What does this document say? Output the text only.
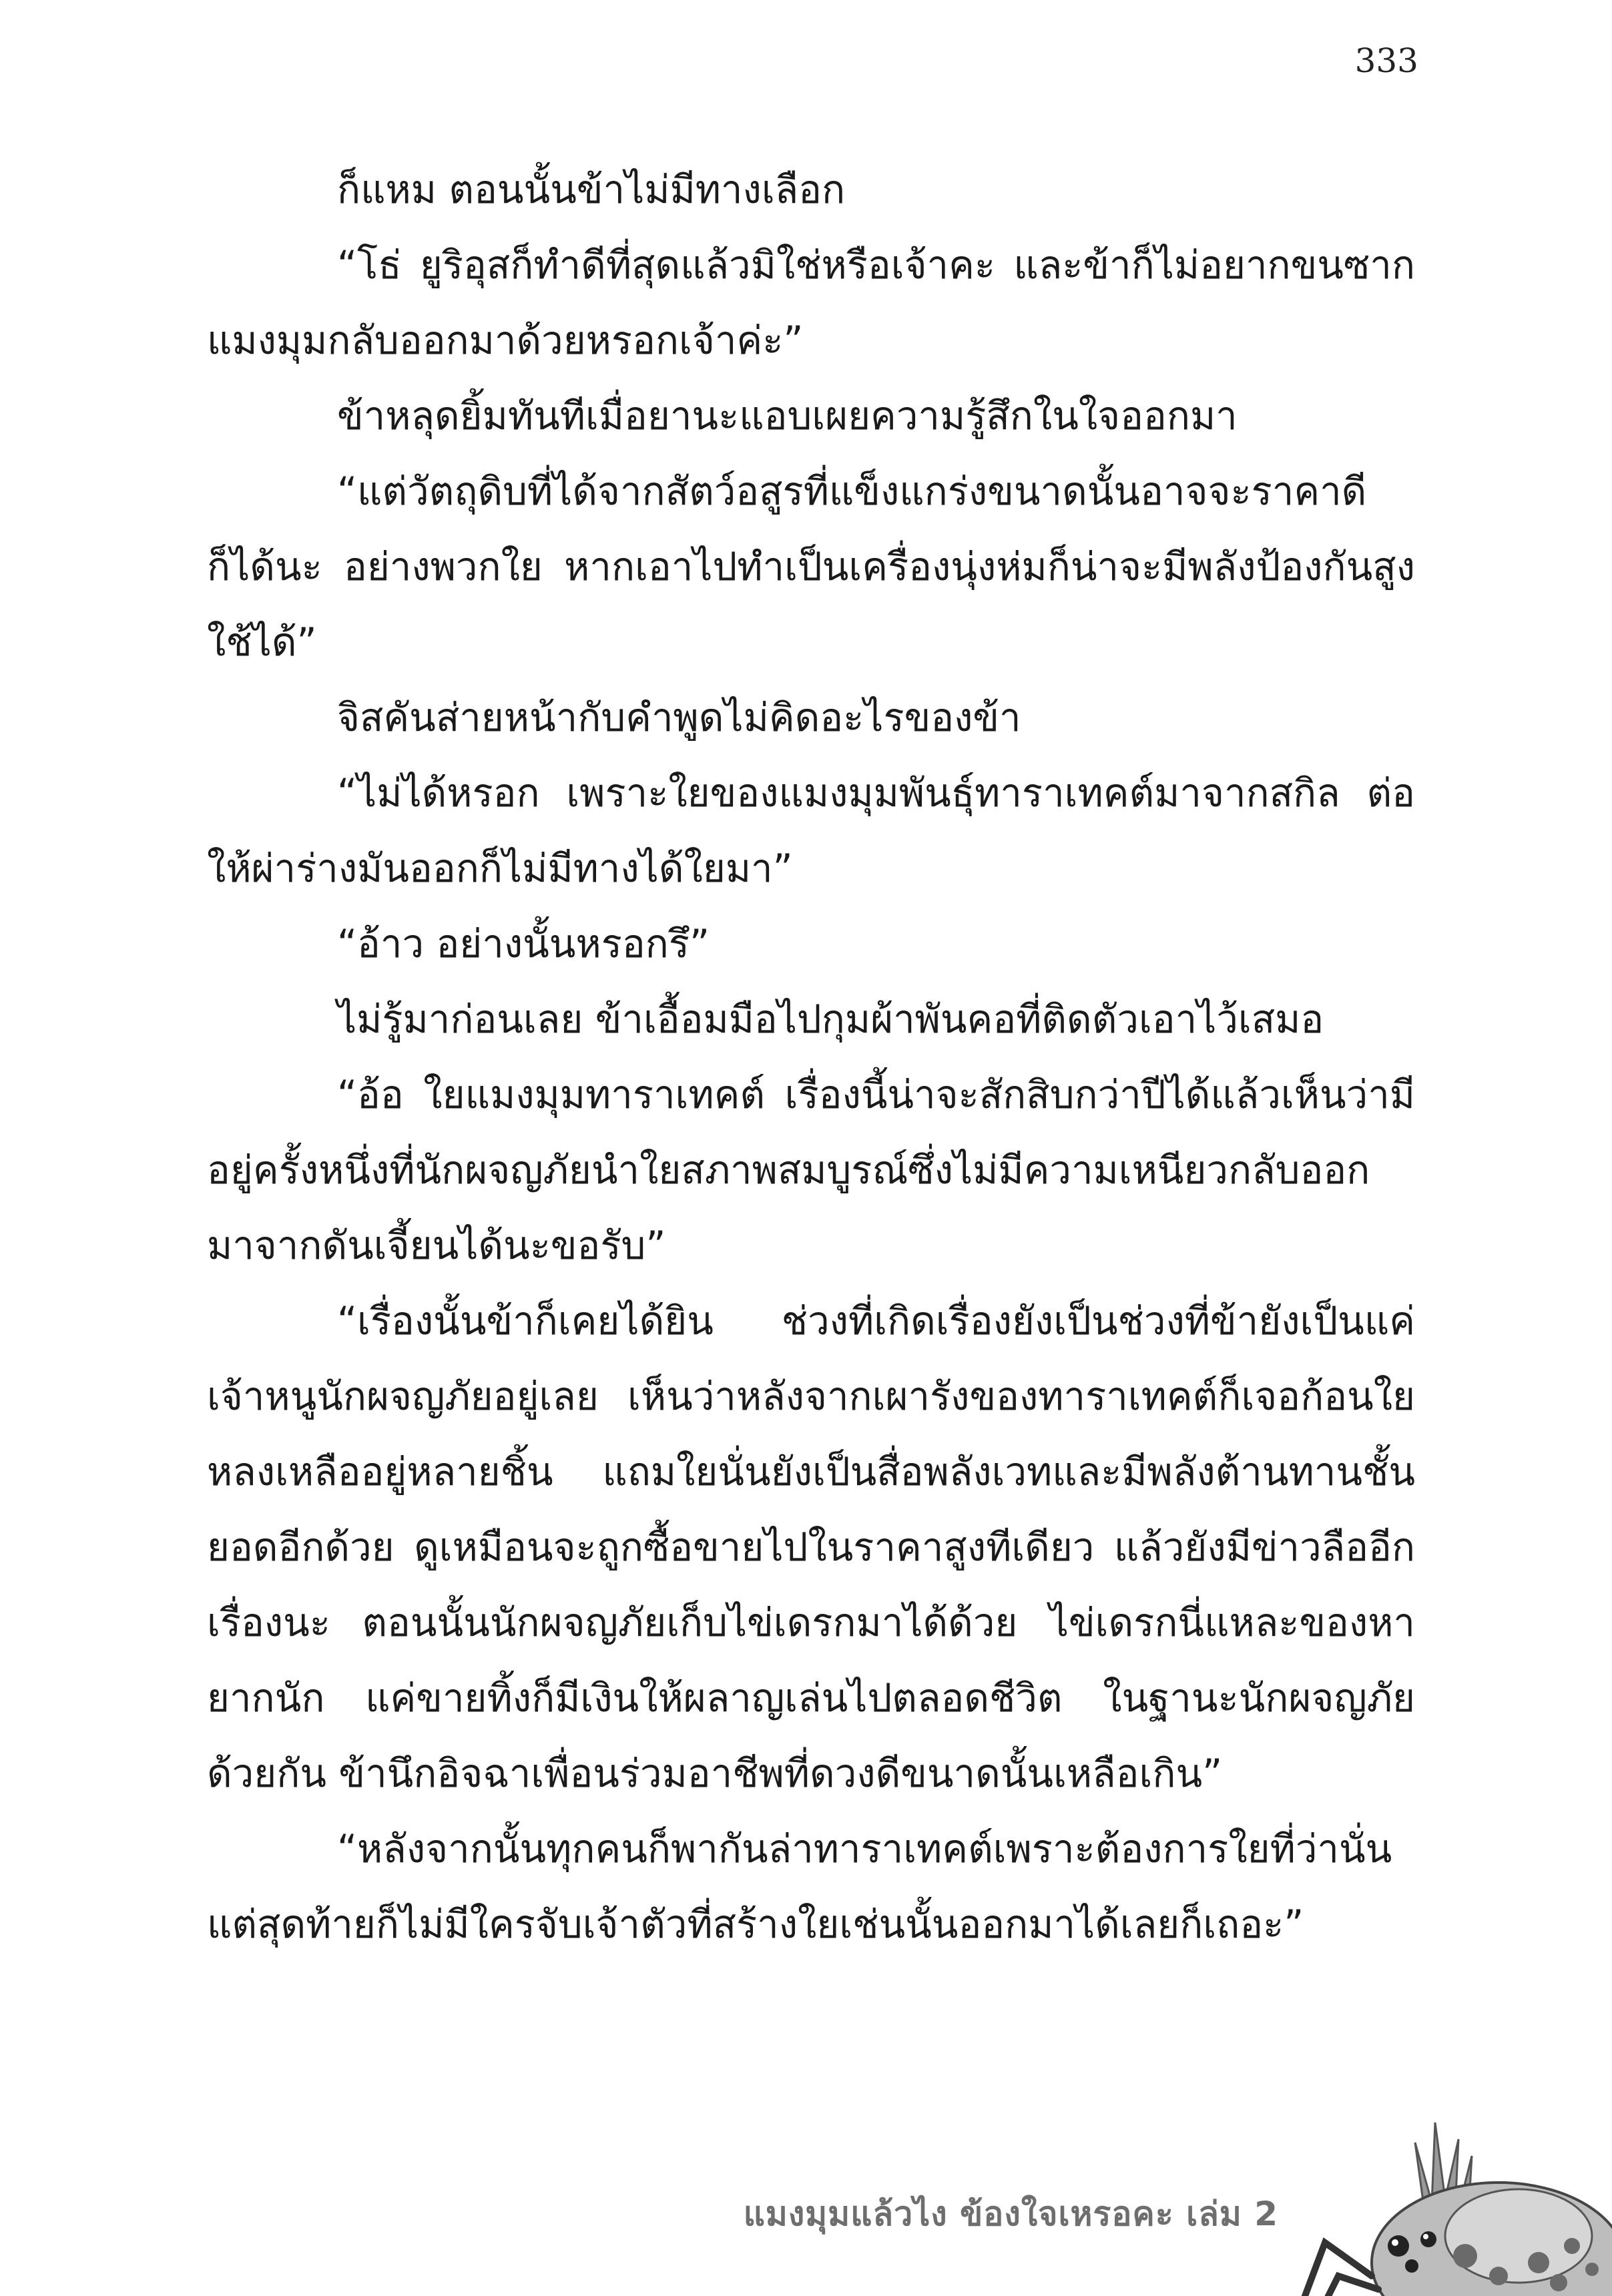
333

ก็แหม ตอนนั้นข้าไม่มีทางเลือก

“โธ่ ยูริอุสก็ทำดีที่สุดแล้วมิใช่หรือเจ้าคะ และข้าก็ไม่อยากขนซากแมงมุมกลับออกมาด้วยหรอกเจ้าค่ะ”

ข้าหลุดยิ้มทันทีเมื่อยานะแอบเผยความรู้สึกในใจออกมา

“แต่วัตถุดิบที่ได้จากสัตว์อสูรที่แข็งแกร่งขนาดนั้นอาจจะราคาดีก็ได้นะ อย่างพวกใย หากเอาไปทำเป็นเครื่องนุ่งห่มก็น่าจะมีพลังป้องกันสูงใช้ได้”

จิสคันส่ายหน้ากับคำพูดไม่คิดอะไรของข้า

“ไม่ได้หรอก เพราะใยของแมงมุมพันธุ์ทาราเทคต์มาจากสกิล ต่อให้ผ่าร่างมันออกก็ไม่มีทางได้ใยมา”

“อ้าว อย่างนั้นหรอกรึ”

ไม่รู้มาก่อนเลย ข้าเอื้อมมือไปกุมผ้าพันคอที่ติดตัวเอาไว้เสมอ

“อ้อ ใยแมงมุมทาราเทคต์ เรื่องนี้น่าจะสักสิบกว่าปีได้แล้วเห็นว่ามีอยู่ครั้งหนึ่งที่นักผจญภัยนำใยสภาพสมบูรณ์ซึ่งไม่มีความเหนียวกลับออกมาจากดันเจี้ยนได้นะขอรับ”

“เรื่องนั้นข้าก็เคยได้ยิน ช่วงที่เกิดเรื่องยังเป็นช่วงที่ข้ายังเป็นแค่เจ้าหนูนักผจญภัยอยู่เลย เห็นว่าหลังจากเผารังของทาราเทคต์ก็เจอก้อนใยหลงเหลืออยู่หลายชิ้น แถมใยนั่นยังเป็นสื่อพลังเวทและมีพลังต้านทานชั้นยอดอีกด้วย ดูเหมือนจะถูกซื้อขายไปในราคาสูงทีเดียว แล้วยังมีข่าวลืออีกเรื่องนะ ตอนนั้นนักผจญภัยเก็บไข่เดรกมาได้ด้วย ไข่เดรกนี่แหละของหายากนัก แค่ขายทิ้งก็มีเงินให้ผลาญเล่นไปตลอดชีวิต ในฐานะนักผจญภัยด้วยกัน ข้านึกอิจฉาเพื่อนร่วมอาชีพที่ดวงดีขนาดนั้นเหลือเกิน”

“หลังจากนั้นทุกคนก็พากันล่าทาราเทคต์เพราะต้องการใยที่ว่านั่น แต่สุดท้ายก็ไม่มีใครจับเจ้าตัวที่สร้างใยเช่นนั้นออกมาได้เลยก็เถอะ”

แมงมุมแล้วไง ข้องใจเหรอคะ เล่ม 2
